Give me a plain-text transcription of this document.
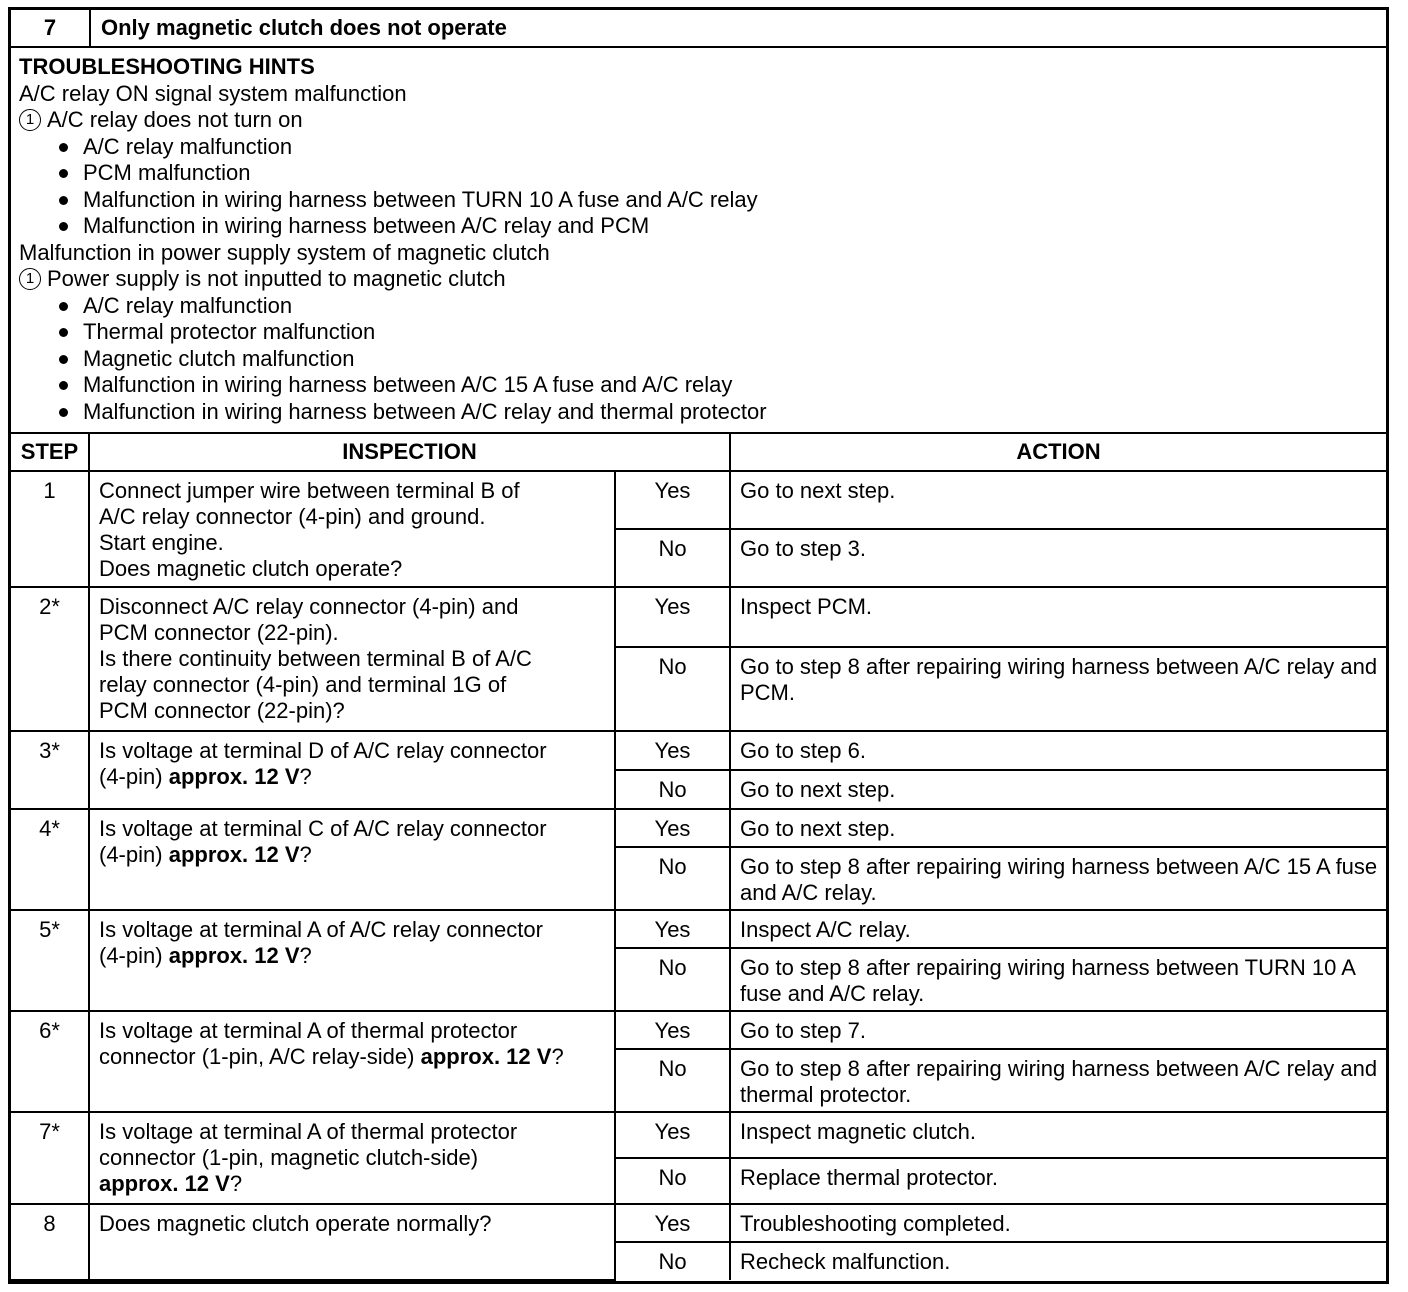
7	Only magnetic clutch does not operate
TROUBLESHOOTING HINTS
A/C relay ON signal system malfunction
1 A/C relay does not turn on
A/C relay malfunction
PCM malfunction
Malfunction in wiring harness between TURN 10 A fuse and A/C relay
Malfunction in wiring harness between A/C relay and PCM
Malfunction in power supply system of magnetic clutch
1 Power supply is not inputted to magnetic clutch
A/C relay malfunction
Thermal protector malfunction
Magnetic clutch malfunction
Malfunction in wiring harness between A/C 15 A fuse and A/C relay
Malfunction in wiring harness between A/C relay and thermal protector
STEP	INSPECTION		ACTION
1	Connect jumper wire between terminal B of
A/C relay connector (4-pin) and ground.
Start engine.
Does magnetic clutch operate?	Yes	Go to next step.
		No	Go to step 3.
2*	Disconnect A/C relay connector (4-pin) and
PCM connector (22-pin).
Is there continuity between terminal B of A/C
relay connector (4-pin) and terminal 1G of
PCM connector (22-pin)?	Yes	Inspect PCM.
		No	Go to step 8 after repairing wiring harness between A/C relay and PCM.
3*	Is voltage at terminal D of A/C relay connector
(4-pin) approx. 12 V?	Yes	Go to step 6.
		No	Go to next step.
4*	Is voltage at terminal C of A/C relay connector
(4-pin) approx. 12 V?	Yes	Go to next step.
		No	Go to step 8 after repairing wiring harness between A/C 15 A fuse and A/C relay.
5*	Is voltage at terminal A of A/C relay connector
(4-pin) approx. 12 V?	Yes	Inspect A/C relay.
		No	Go to step 8 after repairing wiring harness between TURN 10 A fuse and A/C relay.
6*	Is voltage at terminal A of thermal protector
connector (1-pin, A/C relay-side) approx. 12 V?	Yes	Go to step 7.
		No	Go to step 8 after repairing wiring harness between A/C relay and thermal protector.
7*	Is voltage at terminal A of thermal protector
connector (1-pin, magnetic clutch-side)
approx. 12 V?	Yes	Inspect magnetic clutch.
		No	Replace thermal protector.
8	Does magnetic clutch operate normally?	Yes	Troubleshooting completed.
		No	Recheck malfunction.
